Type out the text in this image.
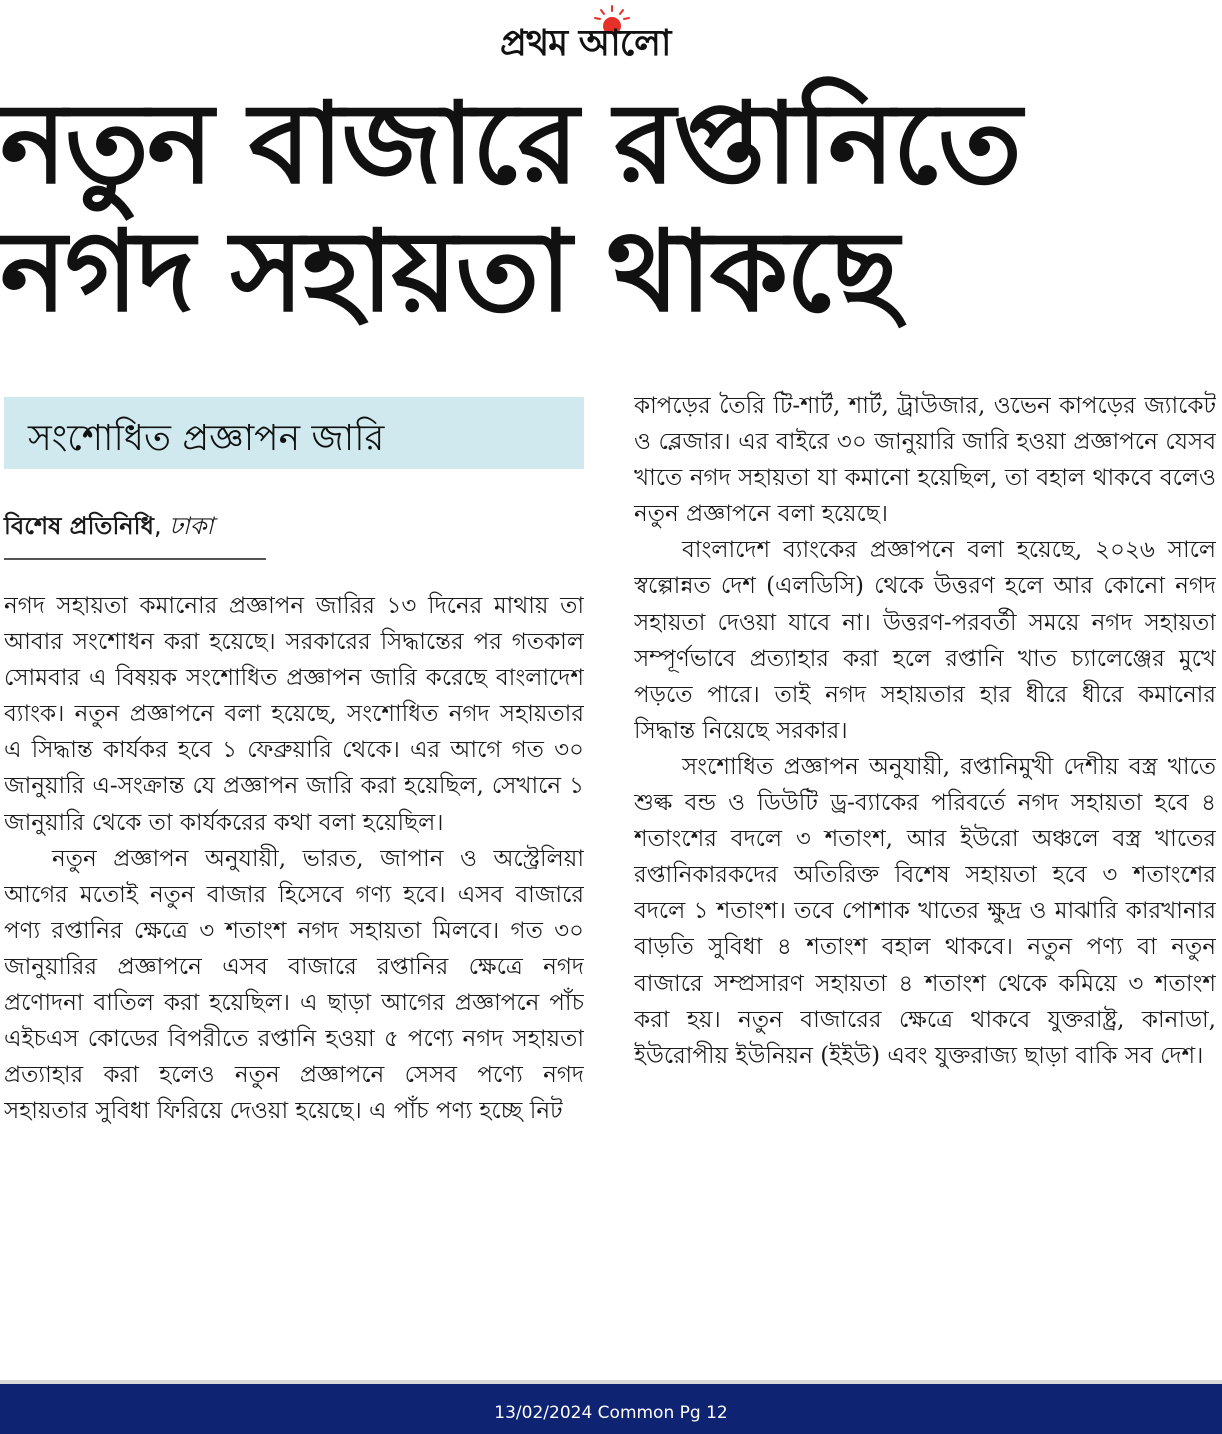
প্রথম আলো
নতুন বাজারে রপ্তানিতে
নগদ সহায়তা থাকছে
সংশোধিত প্রজ্ঞাপন জারি
বিশেষ প্রতিনিধি, ঢাকা

নগদ সহায়তা কমানোর প্রজ্ঞাপন জারির ১৩ দিনের মাথায় তা আবার সংশোধন করা হয়েছে। সরকারের সিদ্ধান্তের পর গতকাল সোমবার এ বিষয়ক সংশোধিত প্রজ্ঞাপন জারি করেছে বাংলাদেশ ব্যাংক। নতুন প্রজ্ঞাপনে বলা হয়েছে, সংশোধিত নগদ সহায়তার এ সিদ্ধান্ত কার্যকর হবে ১ ফেব্রুয়ারি থেকে। এর আগে গত ৩০ জানুয়ারি এ-সংক্রান্ত যে প্রজ্ঞাপন জারি করা হয়েছিল, সেখানে ১ জানুয়ারি থেকে তা কার্যকরের কথা বলা হয়েছিল।

নতুন প্রজ্ঞাপন অনুযায়ী, ভারত, জাপান ও অস্ট্রেলিয়া আগের মতোই নতুন বাজার হিসেবে গণ্য হবে। এসব বাজারে পণ্য রপ্তানির ক্ষেত্রে ৩ শতাংশ নগদ সহায়তা মিলবে। গত ৩০ জানুয়ারির প্রজ্ঞাপনে এসব বাজারে রপ্তানির ক্ষেত্রে নগদ প্রণোদনা বাতিল করা হয়েছিল। এ ছাড়া আগের প্রজ্ঞাপনে পাঁচ এইচএস কোডের বিপরীতে রপ্তানি হওয়া ৫ পণ্যে নগদ সহায়তা প্রত্যাহার করা হলেও নতুন প্রজ্ঞাপনে সেসব পণ্যে নগদ সহায়তার সুবিধা ফিরিয়ে দেওয়া হয়েছে। এ পাঁচ পণ্য হচ্ছে নিট

কাপড়ের তৈরি টি-শার্ট, শার্ট, ট্রাউজার, ওভেন কাপড়ের জ্যাকেট ও ব্লেজার। এর বাইরে ৩০ জানুয়ারি জারি হওয়া প্রজ্ঞাপনে যেসব খাতে নগদ সহায়তা যা কমানো হয়েছিল, তা বহাল থাকবে বলেও নতুন প্রজ্ঞাপনে বলা হয়েছে।

বাংলাদেশ ব্যাংকের প্রজ্ঞাপনে বলা হয়েছে, ২০২৬ সালে স্বল্পোন্নত দেশ (এলডিসি) থেকে উত্তরণ হলে আর কোনো নগদ সহায়তা দেওয়া যাবে না। উত্তরণ-পরবর্তী সময়ে নগদ সহায়তা সম্পূর্ণভাবে প্রত্যাহার করা হলে রপ্তানি খাত চ্যালেঞ্জের মুখে পড়তে পারে। তাই নগদ সহায়তার হার ধীরে ধীরে কমানোর সিদ্ধান্ত নিয়েছে সরকার।

সংশোধিত প্রজ্ঞাপন অনুযায়ী, রপ্তানিমুখী দেশীয় বস্ত্র খাতে শুল্ক বন্ড ও ডিউটি ড্র-ব্যাকের পরিবর্তে নগদ সহায়তা হবে ৪ শতাংশের বদলে ৩ শতাংশ, আর ইউরো অঞ্চলে বস্ত্র খাতের রপ্তানিকারকদের অতিরিক্ত বিশেষ সহায়তা হবে ৩ শতাংশের বদলে ১ শতাংশ। তবে পোশাক খাতের ক্ষুদ্র ও মাঝারি কারখানার বাড়তি সুবিধা ৪ শতাংশ বহাল থাকবে। নতুন পণ্য বা নতুন বাজারে সম্প্রসারণ সহায়তা ৪ শতাংশ থেকে কমিয়ে ৩ শতাংশ করা হয়। নতুন বাজারের ক্ষেত্রে থাকবে যুক্তরাষ্ট্র, কানাডা, ইউরোপীয় ইউনিয়ন (ইইউ) এবং যুক্তরাজ্য ছাড়া বাকি সব দেশ।

13/02/2024 Common Pg 12
